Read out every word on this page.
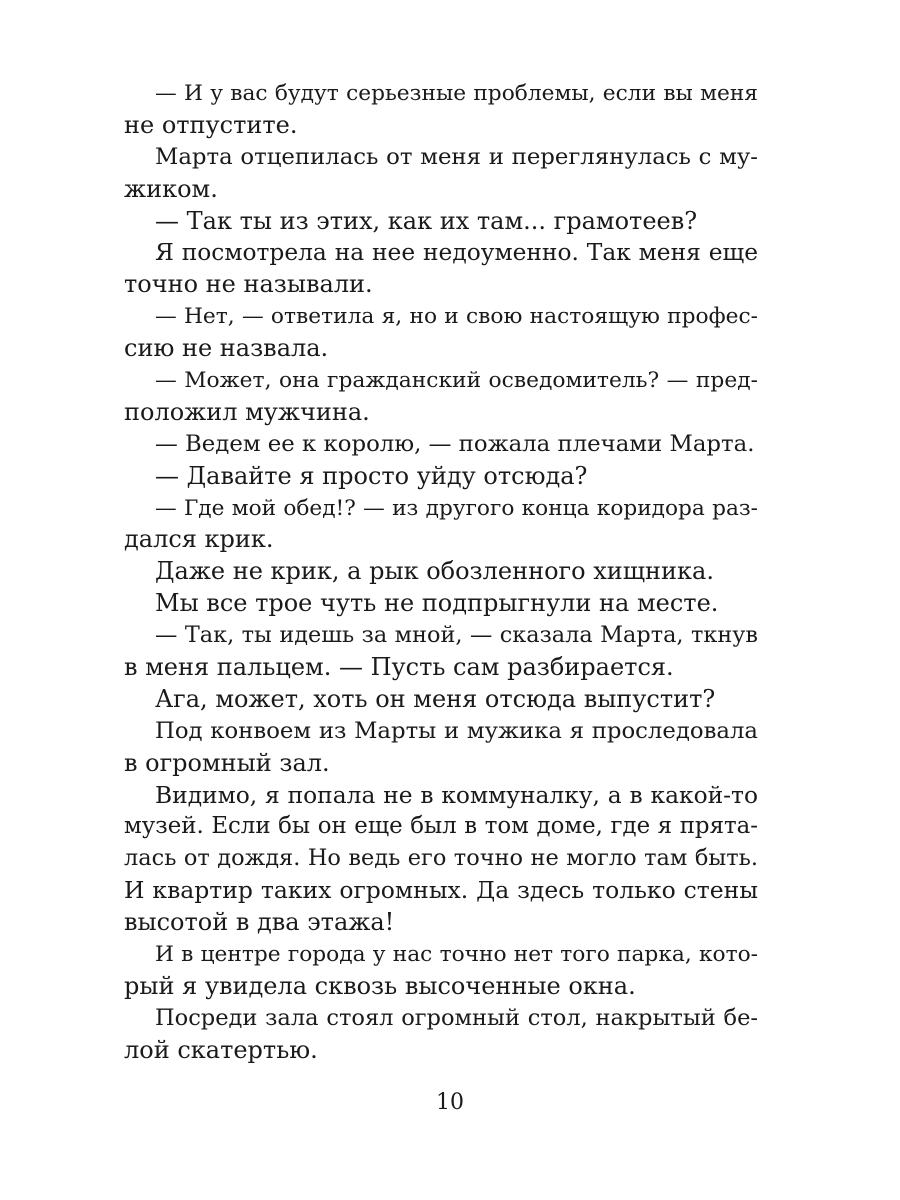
— И у вас будут серьезные проблемы, если вы меня
не отпустите.
Марта отцепилась от меня и переглянулась с му-
жиком.
— Так ты из этих, как их там... грамотеев?
Я посмотрела на нее недоуменно. Так меня еще
точно не называли.
— Нет, — ответила я, но и свою настоящую профес-
сию не назвала.
— Может, она гражданский осведомитель? — пред-
положил мужчина.
— Ведем ее к королю, — пожала плечами Марта.
— Давайте я просто уйду отсюда?
— Где мой обед!? — из другого конца коридора раз-
дался крик.
Даже не крик, а рык обозленного хищника.
Мы все трое чуть не подпрыгнули на месте.
— Так, ты идешь за мной, — сказала Марта, ткнув
в меня пальцем. — Пусть сам разбирается.
Ага, может, хоть он меня отсюда выпустит?
Под конвоем из Марты и мужика я проследовала
в огромный зал.
Видимо, я попала не в коммуналку, а в какой-то
музей. Если бы он еще был в том доме, где я прята-
лась от дождя. Но ведь его точно не могло там быть.
И квартир таких огромных. Да здесь только стены
высотой в два этажа!
И в центре города у нас точно нет того парка, кото-
рый я увидела сквозь высоченные окна.
Посреди зала стоял огромный стол, накрытый бе-
лой скатертью.
10
